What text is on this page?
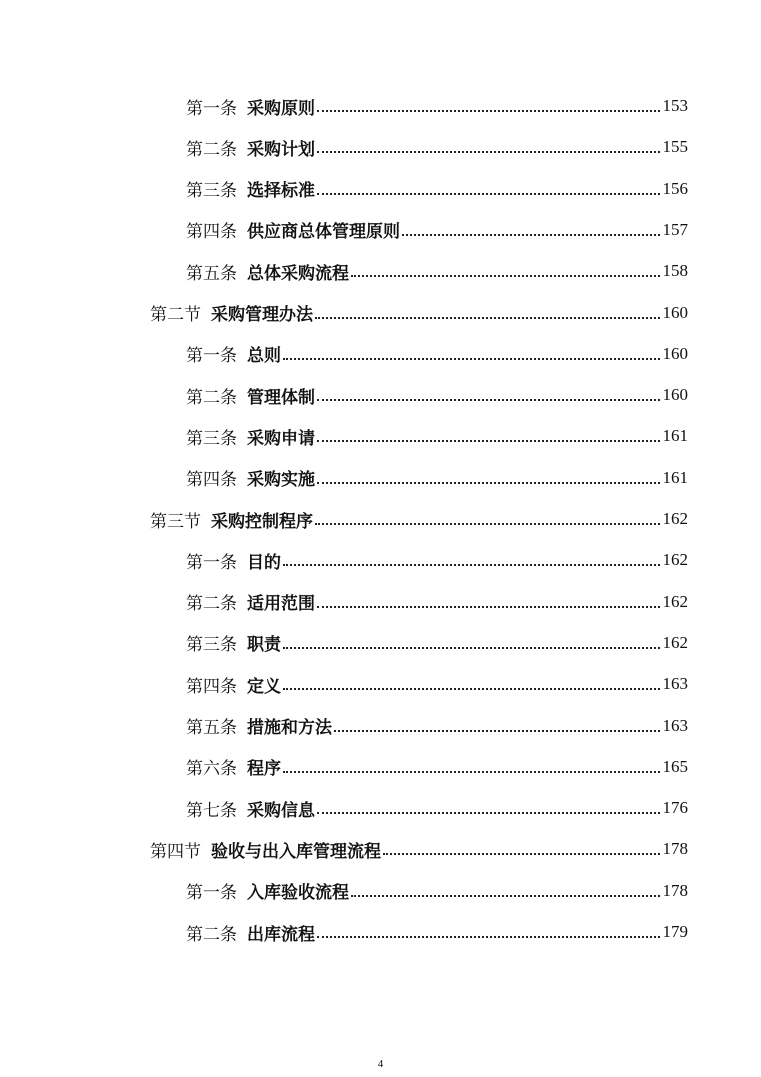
第一条 采购原则	153
第二条 采购计划	155
第三条 选择标准	156
第四条 供应商总体管理原则	157
第五条 总体采购流程	158
第二节 采购管理办法	160
第一条 总则	160
第二条 管理体制	160
第三条 采购申请	161
第四条 采购实施	161
第三节 采购控制程序	162
第一条 目的	162
第二条 适用范围	162
第三条 职责	162
第四条 定义	163
第五条 措施和方法	163
第六条 程序	165
第七条 采购信息	176
第四节 验收与出入库管理流程	178
第一条 入库验收流程	178
第二条 出库流程	179
4
